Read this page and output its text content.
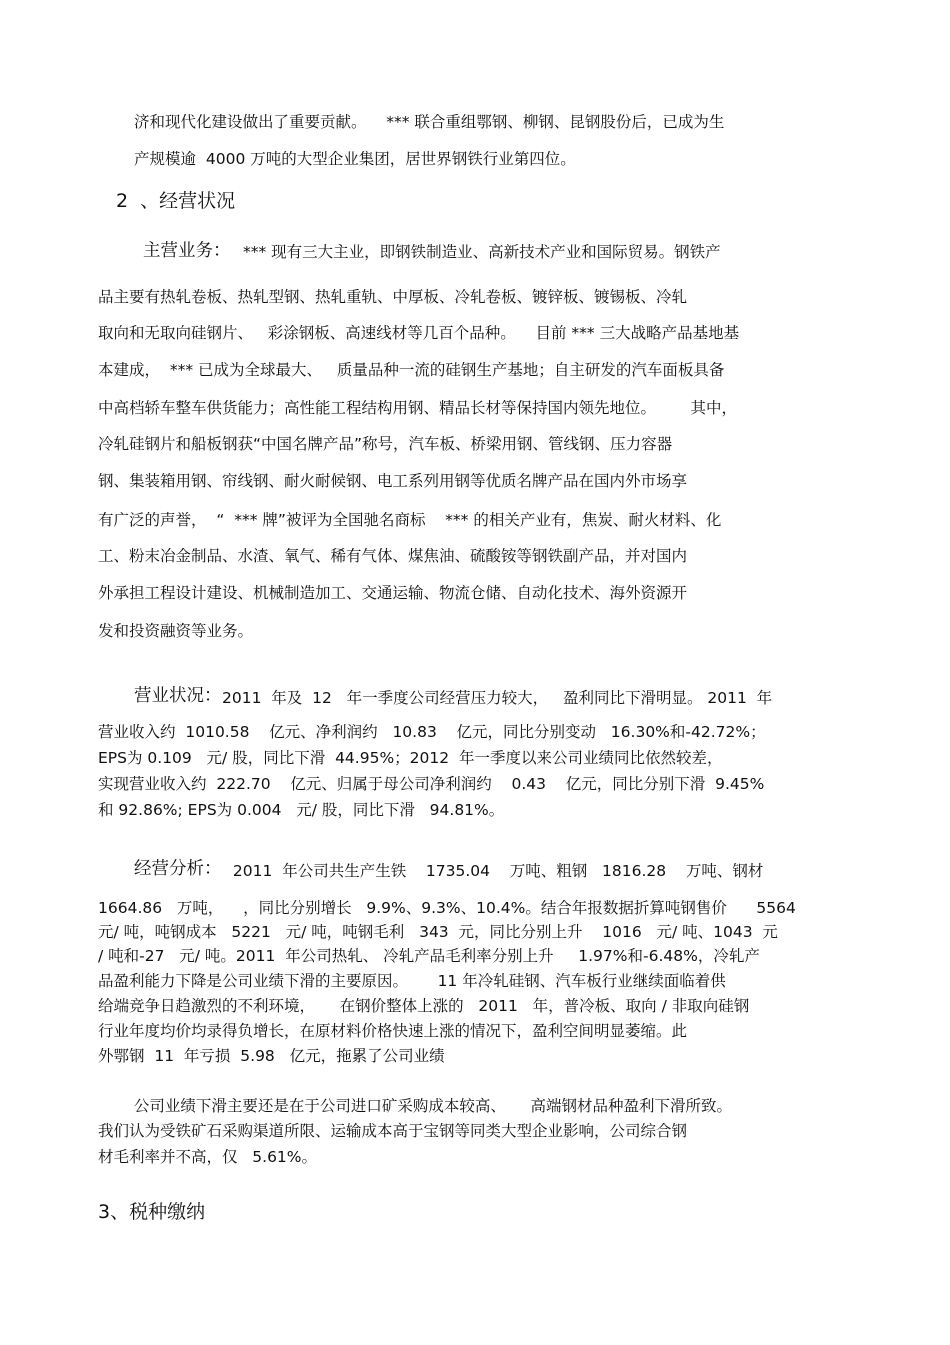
济和现代化建设做出了重要贡献。    *** 联合重组鄂钢、柳钢、昆钢股份后，已成为生
产规模逾  4000 万吨的大型企业集团，居世界钢铁行业第四位。
2  、经营状况
主营业务： *** 现有三大主业，即钢铁制造业、高新技术产业和国际贸易。钢铁产
品主要有热轧卷板、热轧型钢、热轧重轨、中厚板、冷轧卷板、镀锌板、镀锡板、冷轧
取向和无取向硅钢片、   彩涂钢板、高速线材等几百个品种。    目前 *** 三大战略产品基地基
本建成，  *** 已成为全球最大、   质量品种一流的硅钢生产基地；自主研发的汽车面板具备
中高档轿车整车供货能力；高性能工程结构用钢、精品长材等保持国内领先地位。       其中，
冷轧硅钢片和船板钢获“中国名牌产品”称号，汽车板、桥梁用钢、管线钢、压力容器
钢、集装箱用钢、帘线钢、耐火耐候钢、电工系列用钢等优质名牌产品在国内外市场享
有广泛的声誉，  “  *** 牌”被评为全国驰名商标    *** 的相关产业有，焦炭、耐火材料、化
工、粉末冶金制品、水渣、氧气、稀有气体、煤焦油、硫酸铵等钢铁副产品，并对国内
外承担工程设计建设、机械制造加工、交通运输、物流仓储、自动化技术、海外资源开
发和投资融资等业务。
营业状况： 2011  年及  12   年一季度公司经营压力较大，   盈利同比下滑明显。 2011  年
营业收入约  1010.58    亿元、净利润约   10.83    亿元，同比分别变动   16.30%和-42.72%；
EPS为 0.109   元/ 股，同比下滑  44.95%；2012  年一季度以来公司业绩同比依然较差，
实现营业收入约  222.70    亿元、归属于母公司净利润约    0.43    亿元，同比分别下滑  9.45%
和 92.86%; EPS为 0.004   元/ 股，同比下滑   94.81%。
经营分析： 2011  年公司共生产生铁    1735.04    万吨、粗钢   1816.28    万吨、钢材
1664.86   万吨，    ，同比分别增长   9.9%、9.3%、10.4%。结合年报数据折算吨钢售价      5564
元/ 吨，吨钢成本   5221   元/ 吨，吨钢毛利   343  元，同比分别上升    1016   元/ 吨、1043  元
/ 吨和-27   元/ 吨。2011  年公司热轧、 冷轧产品毛利率分别上升     1.97%和-6.48%，冷轧产
品盈利能力下降是公司业绩下滑的主要原因。      11 年冷轧硅钢、汽车板行业继续面临着供
给端竞争日趋激烈的不利环境，     在钢价整体上涨的   2011   年，普冷板、取向 / 非取向硅钢
行业年度均价均录得负增长，在原材料价格快速上涨的情况下，盈利空间明显萎缩。此
外鄂钢  11  年亏损  5.98   亿元，拖累了公司业绩
公司业绩下滑主要还是在于公司进口矿采购成本较高、     高端钢材品种盈利下滑所致。
我们认为受铁矿石采购渠道所限、运输成本高于宝钢等同类大型企业影响，公司综合钢
材毛利率并不高，仅   5.61%。
3、税种缴纳
